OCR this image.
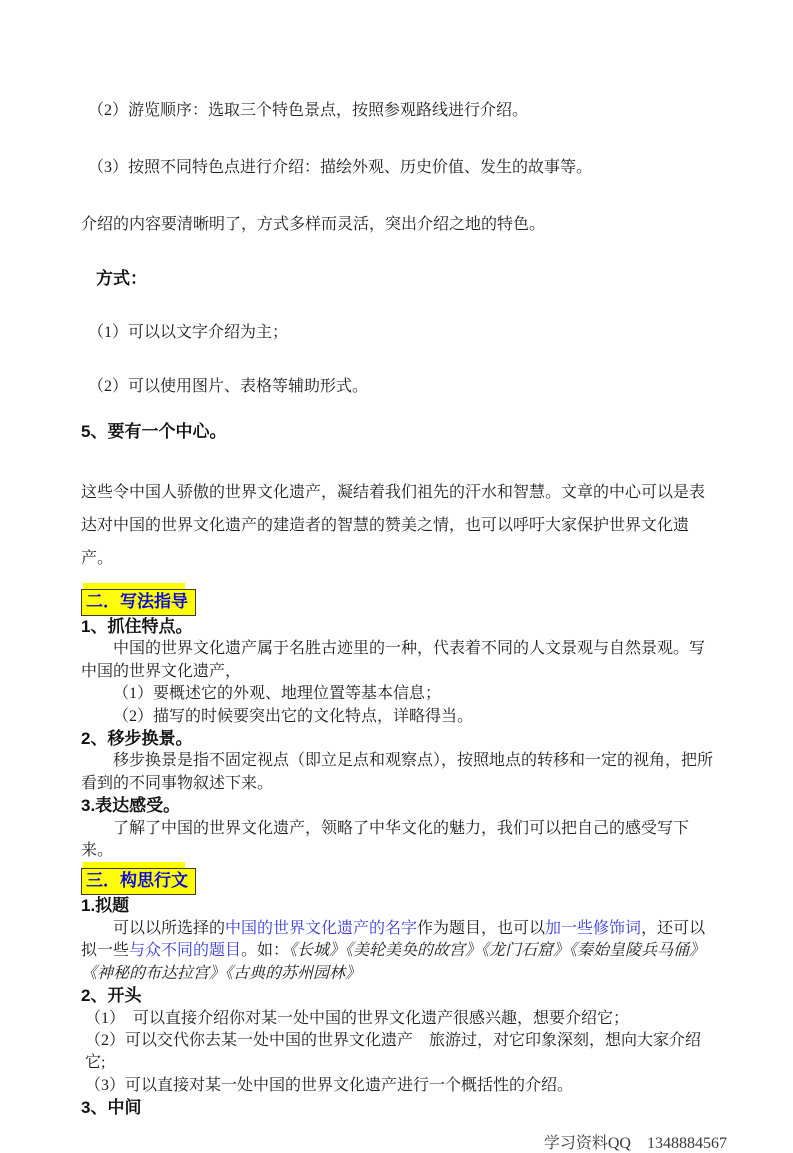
（2）游览顺序：选取三个特色景点，按照参观路线进行介绍。

（3）按照不同特色点进行介绍：描绘外观、历史价值、发生的故事等。

介绍的内容要清晰明了，方式多样而灵活，突出介绍之地的特色。

方式：

（1）可以以文字介绍为主；

（2）可以使用图片、表格等辅助形式。

5、要有一个中心。

这些令中国人骄傲的世界文化遗产，凝结着我们祖先的汗水和智慧。文章的中心可以是表达对中国的世界文化遗产的建造者的智慧的赞美之情，也可以呼吁大家保护世界文化遗产。

二．写法指导

1、抓住特点。

中国的世界文化遗产属于名胜古迹里的一种，代表着不同的人文景观与自然景观。写中国的世界文化遗产，

（1）要概述它的外观、地理位置等基本信息；

（2）描写的时候要突出它的文化特点，详略得当。

2、移步换景。

移步换景是指不固定视点（即立足点和观察点），按照地点的转移和一定的视角，把所看到的不同事物叙述下来。

3.表达感受。

了解了中国的世界文化遗产，领略了中华文化的魅力，我们可以把自己的感受写下来。

三．构思行文

1.拟题

可以以所选择的中国的世界文化遗产的名字作为题目，也可以加一些修饰词，还可以拟一些与众不同的题目。如：《长城》《美轮美奂的故宫》《龙门石窟》《秦始皇陵兵马俑》《神秘的布达拉宫》《古典的苏州园林》

2、开头

（1）　可以直接介绍你对某一处中国的世界文化遗产很感兴趣，想要介绍它；

（2）可以交代你去某一处中国的世界文化遗产　旅游过，对它印象深刻，想向大家介绍它;

（3）可以直接对某一处中国的世界文化遗产进行一个概括性的介绍。

3、中间

学习资料QQ　1348884567
